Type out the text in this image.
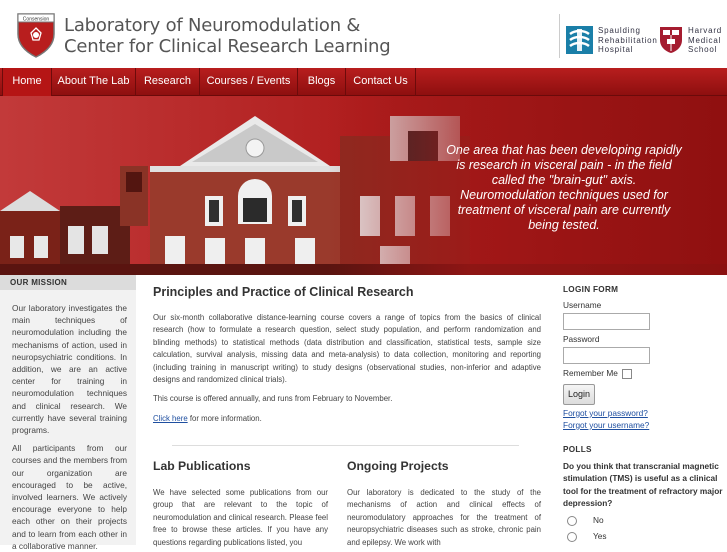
Consension Laboratory of Neuromodulation &
Center for Clinical Research Learning
Spaulding
Rehabilitation
Hospital
Harvard
Medical
School
Home	About The Lab	Research	Courses / Events	Blogs	Contact Us
One area that has been developing rapidly is research in visceral pain - in the field called the "brain-gut" axis. Neuromodulation techniques used for treatment of visceral pain are currently being tested.
OUR MISSION

Our laboratory investigates the main techniques of neuromodulation including the mechanisms of action, used in neuropsychiatric conditions. In addition, we are an active center for training in neuromodulation techniques and clinical research. We currently have several training programs.

All participants from our courses and the members from our organization are encouraged to be active, involved learners. We actively encourage everyone to help each other on their projects and to learn from each other in a collaborative manner.

Principles and Practice of Clinical Research

Our six-month collaborative distance-learning course covers a range of topics from the basics of clinical research (how to formulate a research question, select study population, and perform randomization and blinding methods) to statistical methods (data distribution and classification, statistical tests, sample size calculation, survival analysis, missing data and meta-analysis) to data collection, monitoring and reporting (including training in manuscript writing) to study designs (observational studies, non-inferior and adaptive designs and randomized clinical trials).

This course is offered annually, and runs from February to November.

Click here for more information.

Lab Publications

We have selected some publications from our group that are relevant to the topic of neuromodulation and clinical research. Please feel free to browse these articles. If you have any questions regarding publications listed, you

Ongoing Projects

Our laboratory is dedicated to the study of the mechanisms of action and clinical effects of neuromodulatory approaches for the treatment of neuropsychiatric diseases such as stroke, chronic pain and epilepsy. We work with

LOGIN FORM
Username
Password
Remember Me
Login
Forgot your password?
Forgot your username?
POLLS
Do you think that transcranial magnetic stimulation (TMS) is useful as a clinical tool for the treatment of refractory major depression?
No
Yes
